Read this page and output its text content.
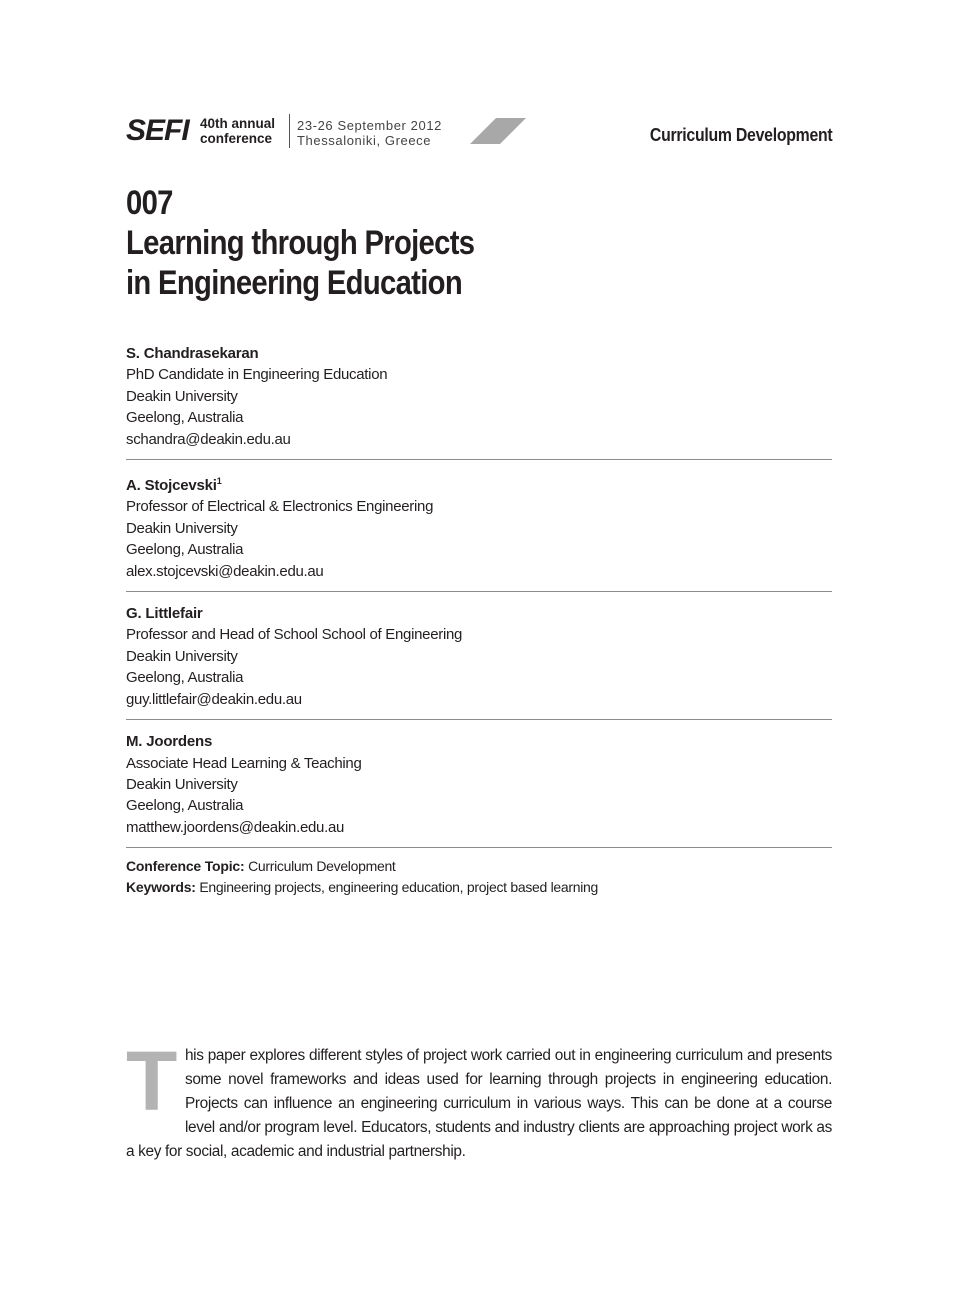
SEFI 40th annual
conference
23-26 September 2012
Thessaloniki, Greece	Curriculum Development
007
Learning through Projects
in Engineering Education
S. Chandrasekaran
PhD Candidate in Engineering Education
Deakin University
Geelong, Australia
schandra@deakin.edu.au
A. Stojcevski$^1$
Professor of Electrical & Electronics Engineering
Deakin University
Geelong, Australia
alex.stojcevski@deakin.edu.au
G. Littlefair
Professor and Head of School School of Engineering
Deakin University
Geelong, Australia
guy.littlefair@deakin.edu.au
M. Joordens
Associate Head Learning & Teaching
Deakin University
Geelong, Australia
matthew.joordens@deakin.edu.au
Conference Topic: Curriculum Development
Keywords: Engineering projects, engineering education, project based learning
T his paper explores different styles of project work carried out in engineering curriculum and presents some novel frameworks and ideas used for learning through projects in engineering education. Projects can influence an engineering curriculum in various ways. This can be done at a course level and/or program level. Educators, students and industry clients are approaching project work as a key for social, academic and industrial partnership.
